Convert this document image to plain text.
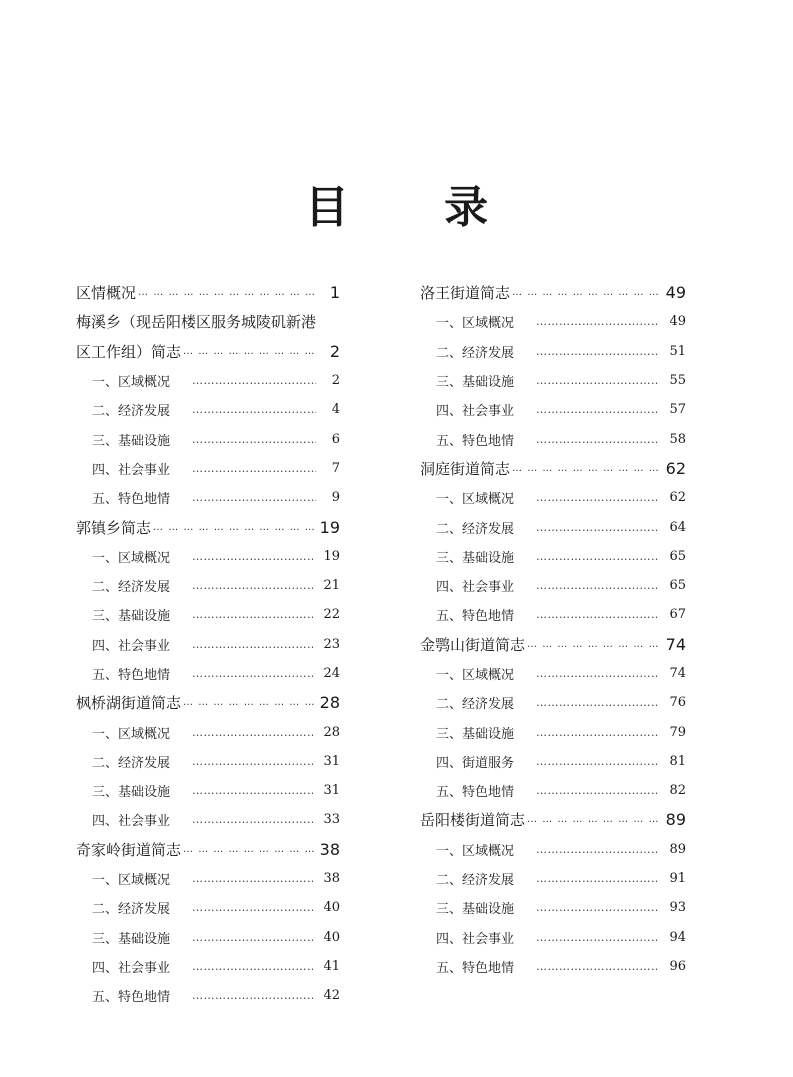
目 录
区情概况 … … … … … … … … … … … … … … … … … … … … … … … …	1
梅溪乡（现岳阳楼区服务城陵矶新港
区工作组）简志 … … … … … … … … … … … … … … … … … … … … … … … …	2
一、区域概况 ……………………………………………………………………………………	2
二、经济发展 ……………………………………………………………………………………	4
三、基础设施 ……………………………………………………………………………………	6
四、社会事业 ……………………………………………………………………………………	7
五、特色地情 ……………………………………………………………………………………	9
郭镇乡简志 … … … … … … … … … … … … … … … … … … … … … … … …	19
一、区域概况 ……………………………………………………………………………………	19
二、经济发展 ……………………………………………………………………………………	21
三、基础设施 ……………………………………………………………………………………	22
四、社会事业 ……………………………………………………………………………………	23
五、特色地情 ……………………………………………………………………………………	24
枫桥湖街道简志 … … … … … … … … … … … … … … … … … … … … … … … …	28
一、区域概况 ……………………………………………………………………………………	28
二、经济发展 ……………………………………………………………………………………	31
三、基础设施 ……………………………………………………………………………………	31
四、社会事业 ……………………………………………………………………………………	33
奇家岭街道简志 … … … … … … … … … … … … … … … … … … … … … … … …	38
一、区域概况 ……………………………………………………………………………………	38
二、经济发展 ……………………………………………………………………………………	40
三、基础设施 ……………………………………………………………………………………	40
四、社会事业 ……………………………………………………………………………………	41
五、特色地情 ……………………………………………………………………………………	42
洛王街道简志 … … … … … … … … … … … … … … … … … … … … … … … …	49
一、区域概况 ……………………………………………………………………………………	49
二、经济发展 ……………………………………………………………………………………	51
三、基础设施 ……………………………………………………………………………………	55
四、社会事业 ……………………………………………………………………………………	57
五、特色地情 ……………………………………………………………………………………	58
洞庭街道简志 … … … … … … … … … … … … … … … … … … … … … … … …	62
一、区域概况 ……………………………………………………………………………………	62
二、经济发展 ……………………………………………………………………………………	64
三、基础设施 ……………………………………………………………………………………	65
四、社会事业 ……………………………………………………………………………………	65
五、特色地情 ……………………………………………………………………………………	67
金鹗山街道简志 … … … … … … … … … … … … … … … … … … … … … … … …	74
一、区域概况 ……………………………………………………………………………………	74
二、经济发展 ……………………………………………………………………………………	76
三、基础设施 ……………………………………………………………………………………	79
四、街道服务 ……………………………………………………………………………………	81
五、特色地情 ……………………………………………………………………………………	82
岳阳楼街道简志 … … … … … … … … … … … … … … … … … … … … … … … …	89
一、区域概况 ……………………………………………………………………………………	89
二、经济发展 ……………………………………………………………………………………	91
三、基础设施 ……………………………………………………………………………………	93
四、社会事业 ……………………………………………………………………………………	94
五、特色地情 ……………………………………………………………………………………	96
